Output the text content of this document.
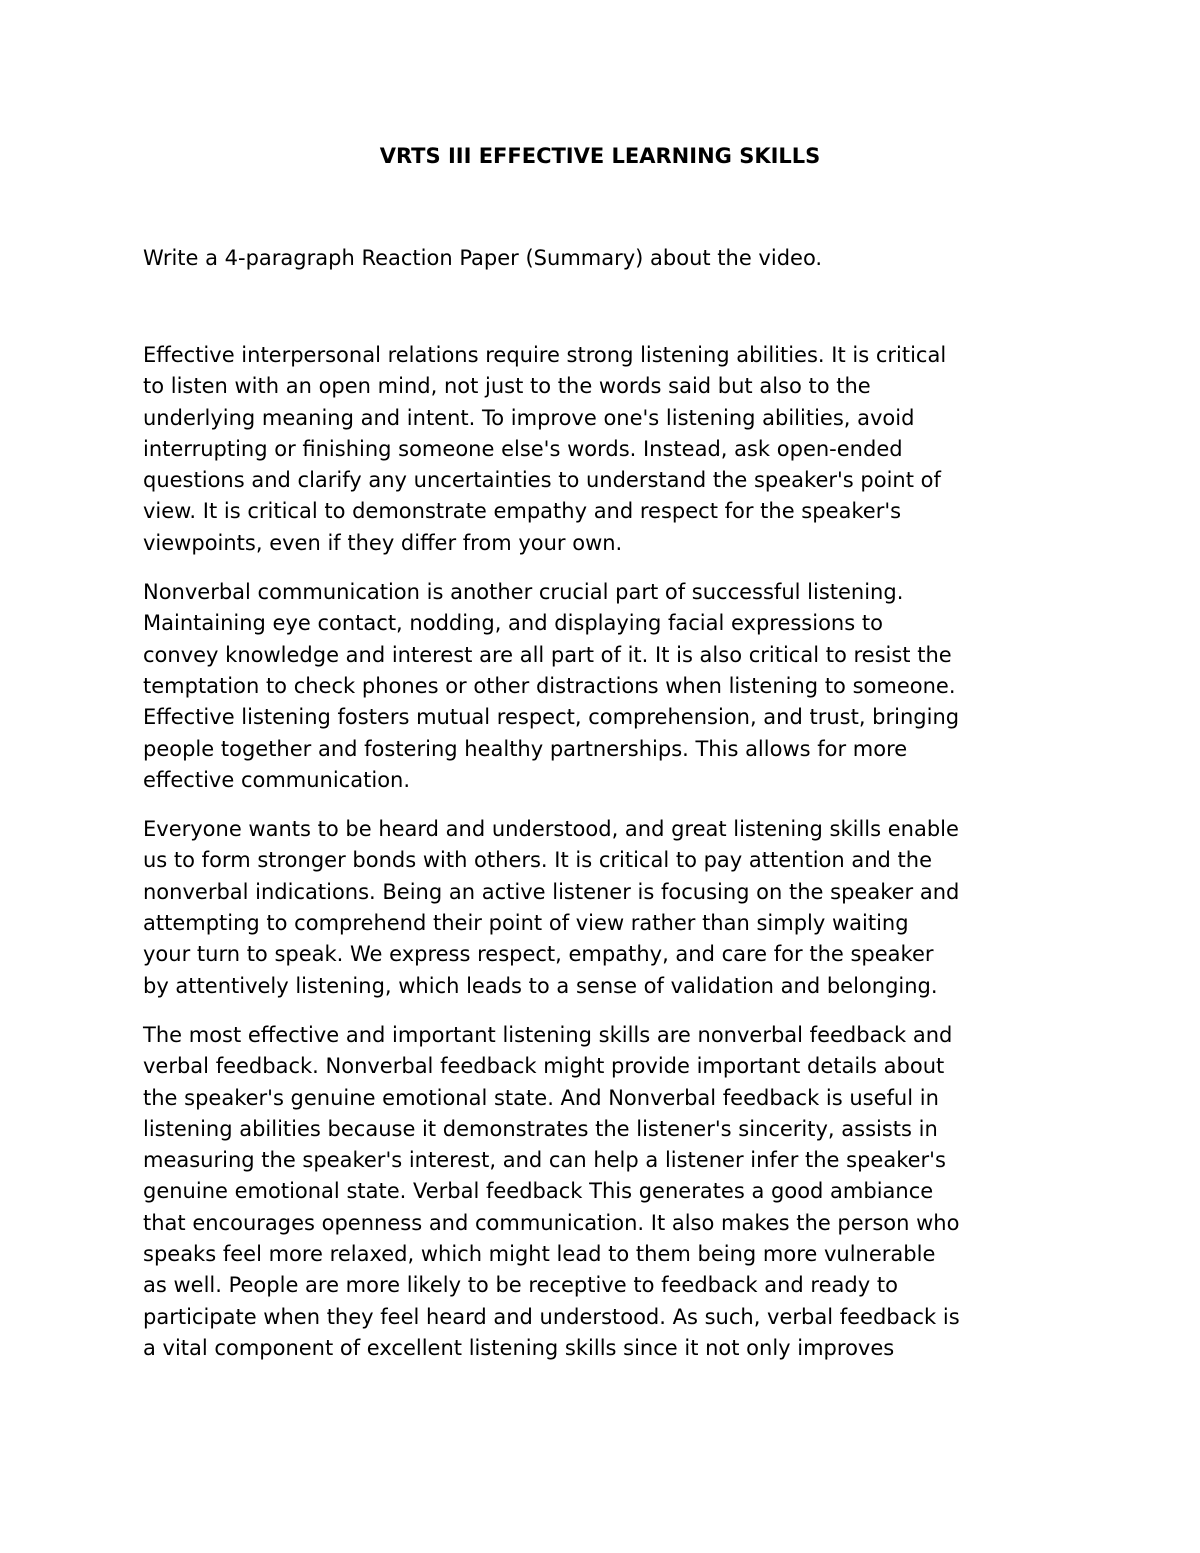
VRTS III EFFECTIVE LEARNING SKILLS

Write a 4-paragraph Reaction Paper (Summary) about the video.

Effective interpersonal relations require strong listening abilities. It is critical
to listen with an open mind, not just to the words said but also to the
underlying meaning and intent. To improve one's listening abilities, avoid
interrupting or finishing someone else's words. Instead, ask open-ended
questions and clarify any uncertainties to understand the speaker's point of
view. It is critical to demonstrate empathy and respect for the speaker's
viewpoints, even if they differ from your own.

Nonverbal communication is another crucial part of successful listening.
Maintaining eye contact, nodding, and displaying facial expressions to
convey knowledge and interest are all part of it. It is also critical to resist the
temptation to check phones or other distractions when listening to someone.
Effective listening fosters mutual respect, comprehension, and trust, bringing
people together and fostering healthy partnerships. This allows for more
effective communication.

Everyone wants to be heard and understood, and great listening skills enable
us to form stronger bonds with others. It is critical to pay attention and the
nonverbal indications. Being an active listener is focusing on the speaker and
attempting to comprehend their point of view rather than simply waiting
your turn to speak. We express respect, empathy, and care for the speaker
by attentively listening, which leads to a sense of validation and belonging.

The most effective and important listening skills are nonverbal feedback and
verbal feedback. Nonverbal feedback might provide important details about
the speaker's genuine emotional state. And Nonverbal feedback is useful in
listening abilities because it demonstrates the listener's sincerity, assists in
measuring the speaker's interest, and can help a listener infer the speaker's
genuine emotional state. Verbal feedback This generates a good ambiance
that encourages openness and communication. It also makes the person who
speaks feel more relaxed, which might lead to them being more vulnerable
as well. People are more likely to be receptive to feedback and ready to
participate when they feel heard and understood. As such, verbal feedback is
a vital component of excellent listening skills since it not only improves
